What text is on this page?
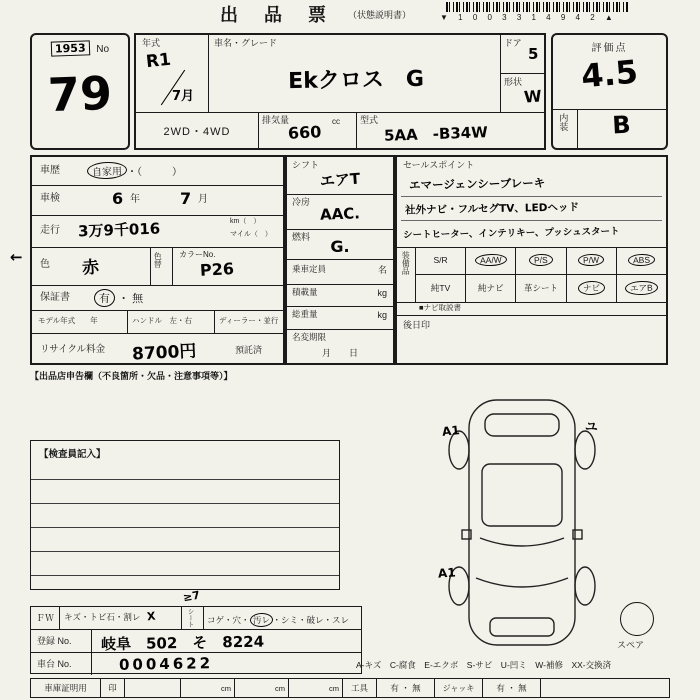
出　品　票	（状態説明書）	▼ 1 0 0 3 3 1 4 9 4 2 ▲
1953 No
79
年式
R1
7月
車名・グレード
Ekクロス　G
ドア
5
形状
W
2WD・4WD
排気量
660
cc 型式
5AA　-B34W
評価点
4.5
内装	B
車歴	自家用 ・（　　　）
車検	6 年	7 月
走行 3万9千016	km（　）
マイル（　）
色 赤	色替 カラーNo.
P26
保証書	有 ・ 無
モデル年式　　年	ハンドル　左・右	ディーラー・並行
リサイクル料金 8700円	預託済
【出品店申告欄（不良箇所・欠品・注意事項等）】
←
シフト
エアT
冷房
AAC.
燃料	G.
乗車定員	名
積載量	kg
総重量	kg
名変期限
月　　日
セールスポイント
エマージェンシーブレーキ
社外ナビ・フルセグTV、LEDヘッド
シートヒーター、インテリキー、プッシュスタート
装備品	S/R	AA/W	P/S	P/W	ABS
純TV	純ナビ 革シート	ナビ	エアB
■ナビ取説書
後日印
【検査員記入】
A1	ユ
A1
スペア
ＦＷ キズ・トビ石・割レ X	シート コゲ・穴・ 汚レ ・シミ・破レ・スレ
登録 No. 岐阜　502　そ　8224
車台 No.	0004622
≥7
A-キズ　C-腐食　E-エクボ　S-サビ　U-凹ミ　W-補修　XX-交換済
車庫証明用	印	cm	cm	cm	工具	有 ・ 無	ジャッキ	有 ・ 無
